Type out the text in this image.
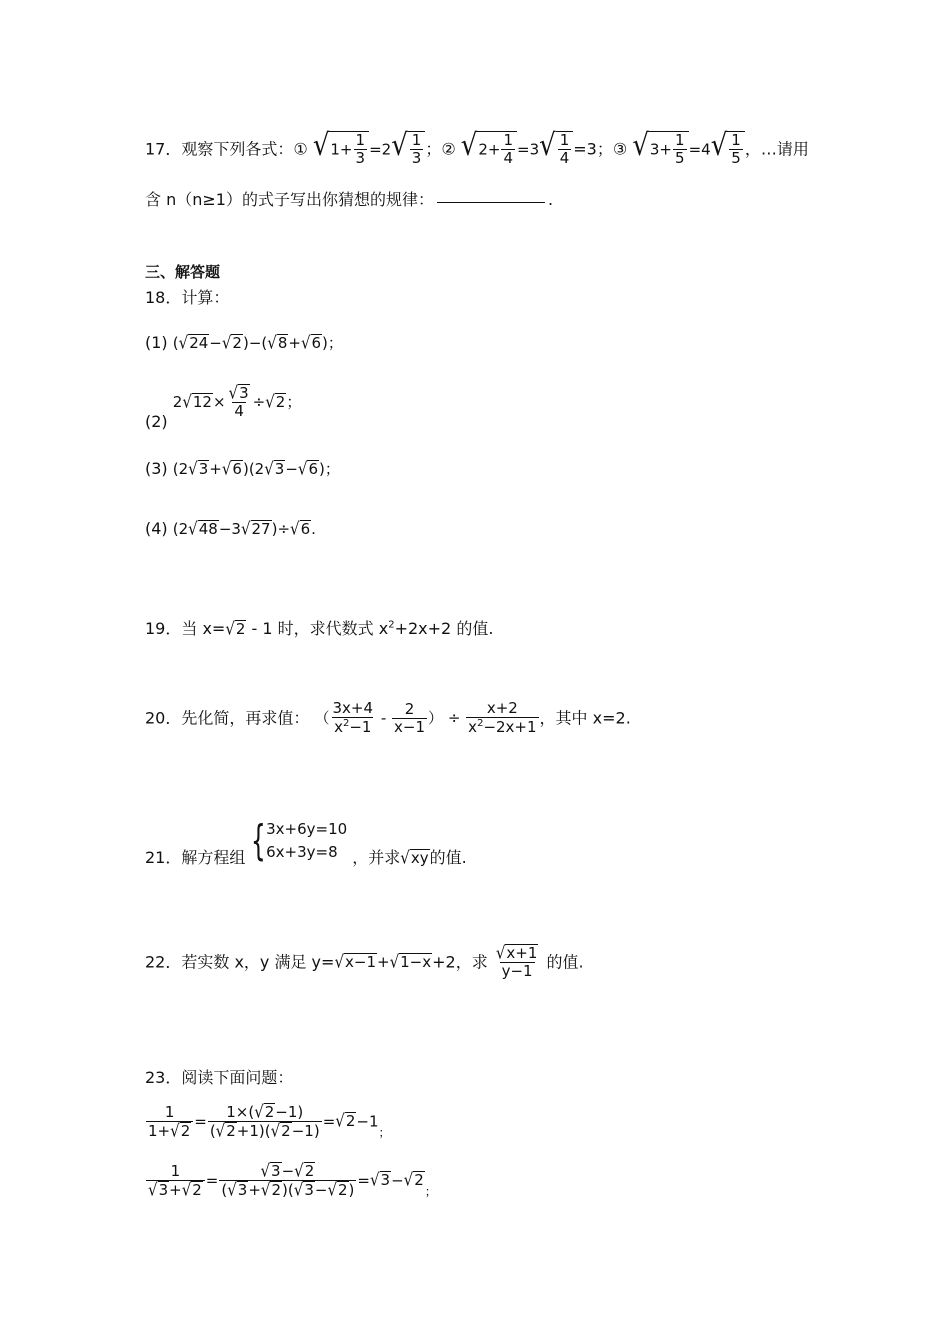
17．观察下列各式：① $√1+ \frac{1}{3} =2√ \frac{1}{3}$ ；② $√2+ \frac{1}{4} =3√ \frac{1}{4} =3$；③ $√3+ \frac{1}{5} =4√ \frac{1}{5}$ ，…请用
含 n（n≥1）的式子写出你猜想的规律：	.
三、解答题
18．计算：
(1) (√24−√2)−(√8+√6)；
(2) $2√12\times \frac{√3}{4} \div√2$；
(3) (2√3+√6)(2√3−√6)；
(4) (2√48−3√27)÷√6.
19．当 x=√2 - 1 时，求代数式 $x^2+2x+2$ 的值.
20．先化简，再求值： （ $\frac{3x+4}{x^2-1} - \frac{2}{x-1}$ ） ÷ $\frac{x+2}{x^2-2x+1}$ ，其中 x=2.
21．解方程组 { 3x+6y=10
6x+3y=8 ，并求√xy的值.
22．若实数 x，y 满足 y=√x−1+√1−x+2，求 $\frac{√x+1}{y-1}$ 的值.
23．阅读下面问题：
$\frac{1}{1+√2} = \frac{1\times(√2-1)}{(√2+1)(√2-1)} =√2-1_;$
$\frac{1}{√3+√2} = \frac{√3-√2}{(√3+√2)(√3-√2)} =√3-√2_;$
